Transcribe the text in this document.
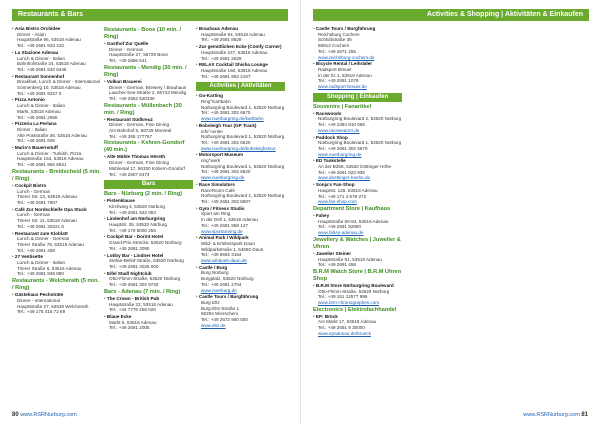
Restaurants & Bars
• Asia Bistro Orchidee
Dinner - Asian
Hauptstraße 96, 53518 Adenau
Tel.: +49 2691 933 210
• La Stazione Adenau
Lunch & Dinner - Italian
Bahnhofstraße 24, 53518 Adenau
Tel.: +49 2691 932 6346
• Restaurant Sonnenhof
Breakfast, Lunch & Dinner - International
Sonnenberg 10, 53518 Adenau
Tel.: +49 2691 9227 0
• Pizza Antonio
Lunch & Dinner - Italian
Markt, 53518 Adenau
Tel.: +49 2691 2855
• Pizzeria La Perlana
Dinner - Italian
Alte Poststraße 36, 53518 Adenau
Tel.: +49 2691 606
• Mario's Bauernstuff
Lunch & Dinner - Turkish, Pizza
Hauptstraße 153, 53518 Adenau
Tel.: +49 2691 955 6631
Restaurants - Breidscheid (5 min. / Ring)
• Cockpit Bistro
Lunch - German
Trierer Str. 13, 53518 Adenau
Tel.: +49 2691 7907
• Café Zur Nordschleife Opa Stuck
Lunch - German
Trierer Str. 11, 53518 Adenau
Tel.: +49 2691 30221 6
• Restaurant zum Kloblatt
Lunch & Dinner - German
Trierer Straße 79, 53518 Adenau
Tel.: +49 2691 459
• 27 Ventisette
Lunch & Dinner - Italian
Trierer Straße 6, 53518 Adenau
Tel.: +49 2691 938 880
Restaurants - Welcherath (5 min. / Ring)
• Gästehaus Pechsträte
Dinner - International
Hauptstraße 27, 53539 Welcherath
Tel.: +49 175 415 72 69
Restaurants - Boos (10 min. / Ring)
• Gasthof Zur Quelle
Dinner - German
Hauptstraße 27, 56729 Boos
Tel.: +49 2656 541
Restaurants - Mendig (30 min. / Ring)
• Vulkan Brauerei
Dinner - German, Brewery / Brauhaus
Laacher-See-Straße 2, 56743 Mendig
Tel.: +49 2652 520330
Restaurants - Müllenbach (30 min. / Ring)
• Restaurant Südkreuz
Dinner - German, Fine Dining
Am Bahnhof 5, 56729 Monreal
Tel.: +49 265 177767
Restaurants - Kehren-Gondorf (40 min.)
• Alte Mühle Thomas Höreth
Dinner - German, Fine Dining
Mühlental 17, 56330 Kobern-Gondorf
Tel.: +49 2607 6474
Bars
Bars - Nürburg (2 min. / Ring)
• Pistenklause
Kirchweg 4, 53520 Nürburg
Tel.: +49 2691 922 053
• Lindenhof am Nürburgring
Hauptstr. 35, 53520 Nürburg
Tel.: +49 170 8000 256
• Cockpit Bar - Dorint Hotel
Grand-Prix-Strecke, 53520 Nürburg
Tel.: +49 2691 3090
• Lobby Bar - Lindner Hotel
Stefan-Bellof-Straße, 53520 Nürburg
Tel.: +49 2691 3025 000
• Eifel Stadl Nightclub
Otto-Flimm-Straße, 53520 Nürburg
Tel.: +49 2691 302 9733
Bars - Adenau (7 min. / Ring)
• The Crown - British Pub
Hauptstraße 22, 53518 Adenau
Tel.: +44 7776 258 026
• Blaue Ecke
Markt 5, 53518 Adenau
Tel.: +49 2691 2005
• Brauhaus Adenau
Hauptstraße 94, 53518 Adenau
Tel.: +49 2691 8629
• Zur gemütlichen Ecke (Comfy Corner)
Hauptstraße 247, 53518 Adenau
Tel.: +49 2691 2629
• RELAX Cocktail Shisha Lounge
Hauptstraße 160, 53518 Adenau
Tel.: +49 2691 952 2167
Activities | Aktivitäten
• Go-Karting
Ring°Kartbahn
Nürburgring Boulevard 1, 53520 Nürburg
Tel.: +49 2691 302 6670
www.nuerburgring.de/kartbahn
• Bobsleigh Tour (GP Track)
info°center
Nürburgring Boulevard 1, 53520 Nürburg
Tel.: +49 2691 302 6620
www.nuerburgring.de/bobsleighstour
• Motorsport Museum
ring°werk
Nürburgring Boulevard 1, 53520 Nürburg
Tel.: +49 2691 302 6620
www.nuerburgring.de
• Race Simulators
RaceRoom Café
Nürburgring Boulevard 1, 53520 Nürburg
Tel.: +49 2691 302 6607
• Gym / Fitness Studio
Sport am Ring
In der Dell 1, 53518 Adenau
Tel.: +49 2691 958 147
www.sportamring.de
• Animal Park / Wildpark
Wild- & Erlebnispark Daun
Wildparkstraße 1, 54550 Daun
Tel.: +49 6592 3154
www.wildpark-daun.de
• Castle / Burg
Burg Nürburg
Burgplatz, 53520 Nürburg
Tel.: +49 2691 2704
www.nuerburg.de
• Castle Tours / Burgführung
Burg Eltz
Burg-Eltz-Straße 1
56294 Wierschem
Tel.: +49 2672 950 500
www.eltz.de
80 www.RSRNurburg.com
Activities & Shopping | Aktivitäten & Einkaufen
• Castle Tours / Burgführung
Reichsburg Cochem
Schloßstraße 36
56812 Cochem
Tel.: +49 2671 255
www.reichsburg-cochem.de
• Bicycle Rental / Leihräder
Radsport Breuer
In der Ilz 1, 53518 Adenau
Tel.: +49 2691 1078
www.radsport-breuer.de
Shopping | Einkaufen
Souvenirs | Fanartikel
• Racewoods
Nürburgring Boulevard 2, 53520 Nürburg
Tel.: +49 2384 910 065
www.racewear24.de
• Paddock Shop
Nürburgring Boulevard 1, 53520 Nürburg
Tel.: +49 2691 302 6670
www.nuerburgring.de
• ED Tankstelle
An der B258, 53520 Döttinger Höhe
Tel.: +49 2691 923 935
www.doettinger-hoehe.de
• Sonja's Fan-Shop
Hauptstr. 126, 53518 Adenau
Tel.: +49 171 4 679 272
www.fan-shop.com
Department Store | Kaufhaus
• Fahey
Hauptstraße 80-84, 53518 Adenau
Tel.: +49 2691 92880
www.fahey-adenau.de
Jewellery & Watches | Juwelier & Uhren
• Juwelier Steiner
Hauptstraße 91, 53518 Adenau
Tel.: +49 2691 458
B.R.M Watch Store | B.R.M Uhren Shop
• B.R.M Store Nürburgring Boulevard
Otto-Flimm-Straße, 53520 Nürburg
Tel.: +49 151 12577 996
www.brm-chronographes.com
Electronics | Elektrofachhandel
• EP: Brück
Am Markt 17, 53518 Adenau
Tel.: +49 2691 9 30000
www.epadenau.de/brueck
www.RSRNurburg.com 81
